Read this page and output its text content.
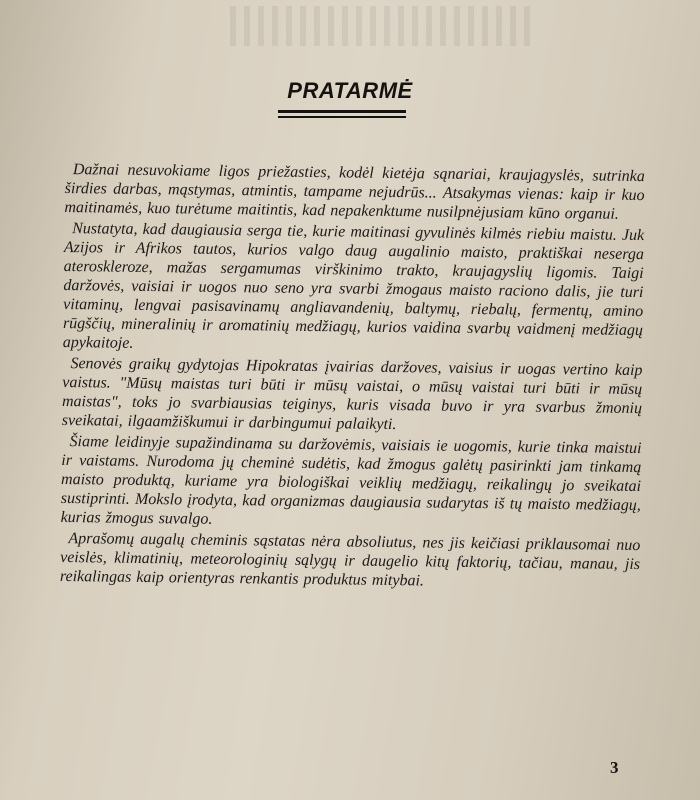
PRATARMĖ

Dažnai nesuvokiame ligos priežasties, kodėl kietėja sąnariai, kraujagyslės, sutrinka širdies darbas, mąstymas, atmintis, tampame nejudrūs... Atsakymas vienas: kaip ir kuo maitinamės, kuo turėtume maitintis, kad nepakenktume nusilpnėjusiam kūno organui.

Nustatyta, kad daugiausia serga tie, kurie maitinasi gyvulinės kilmės riebiu maistu. Juk Azijos ir Afrikos tautos, kurios valgo daug augalinio maisto, praktiškai neserga ateroskleroze, mažas sergamumas virškinimo trakto, kraujagyslių ligomis. Taigi daržovės, vaisiai ir uogos nuo seno yra svarbi žmogaus maisto raciono dalis, jie turi vitaminų, lengvai pasisavinamų angliavandenių, baltymų, riebalų, fermentų, amino rūgščių, mineralinių ir aromatinių medžiagų, kurios vaidina svarbų vaidmenį medžiagų apykaitoje.

Senovės graikų gydytojas Hipokratas įvairias daržoves, vaisius ir uogas vertino kaip vaistus. "Mūsų maistas turi būti ir mūsų vaistai, o mūsų vaistai turi būti ir mūsų maistas", toks jo svarbiausias teiginys, kuris visada buvo ir yra svarbus žmonių sveikatai, ilgaamžiškumui ir darbingumui palaikyti.

Šiame leidinyje supažindinama su daržovėmis, vaisiais ie uogomis, kurie tinka maistui ir vaistams. Nurodoma jų cheminė sudėtis, kad žmogus galėtų pasirinkti jam tinkamą maisto produktą, kuriame yra biologiškai veiklių medžiagų, reikalingų jo sveikatai sustiprinti. Mokslo įrodyta, kad organizmas daugiausia sudarytas iš tų maisto medžiagų, kurias žmogus suvalgo.

Aprašomų augalų cheminis sąstatas nėra absoliutus, nes jis keičiasi priklausomai nuo veislės, klimatinių, meteorologinių sąlygų ir daugelio kitų faktorių, tačiau, manau, jis reikalingas kaip orientyras renkantis produktus mitybai.

3
